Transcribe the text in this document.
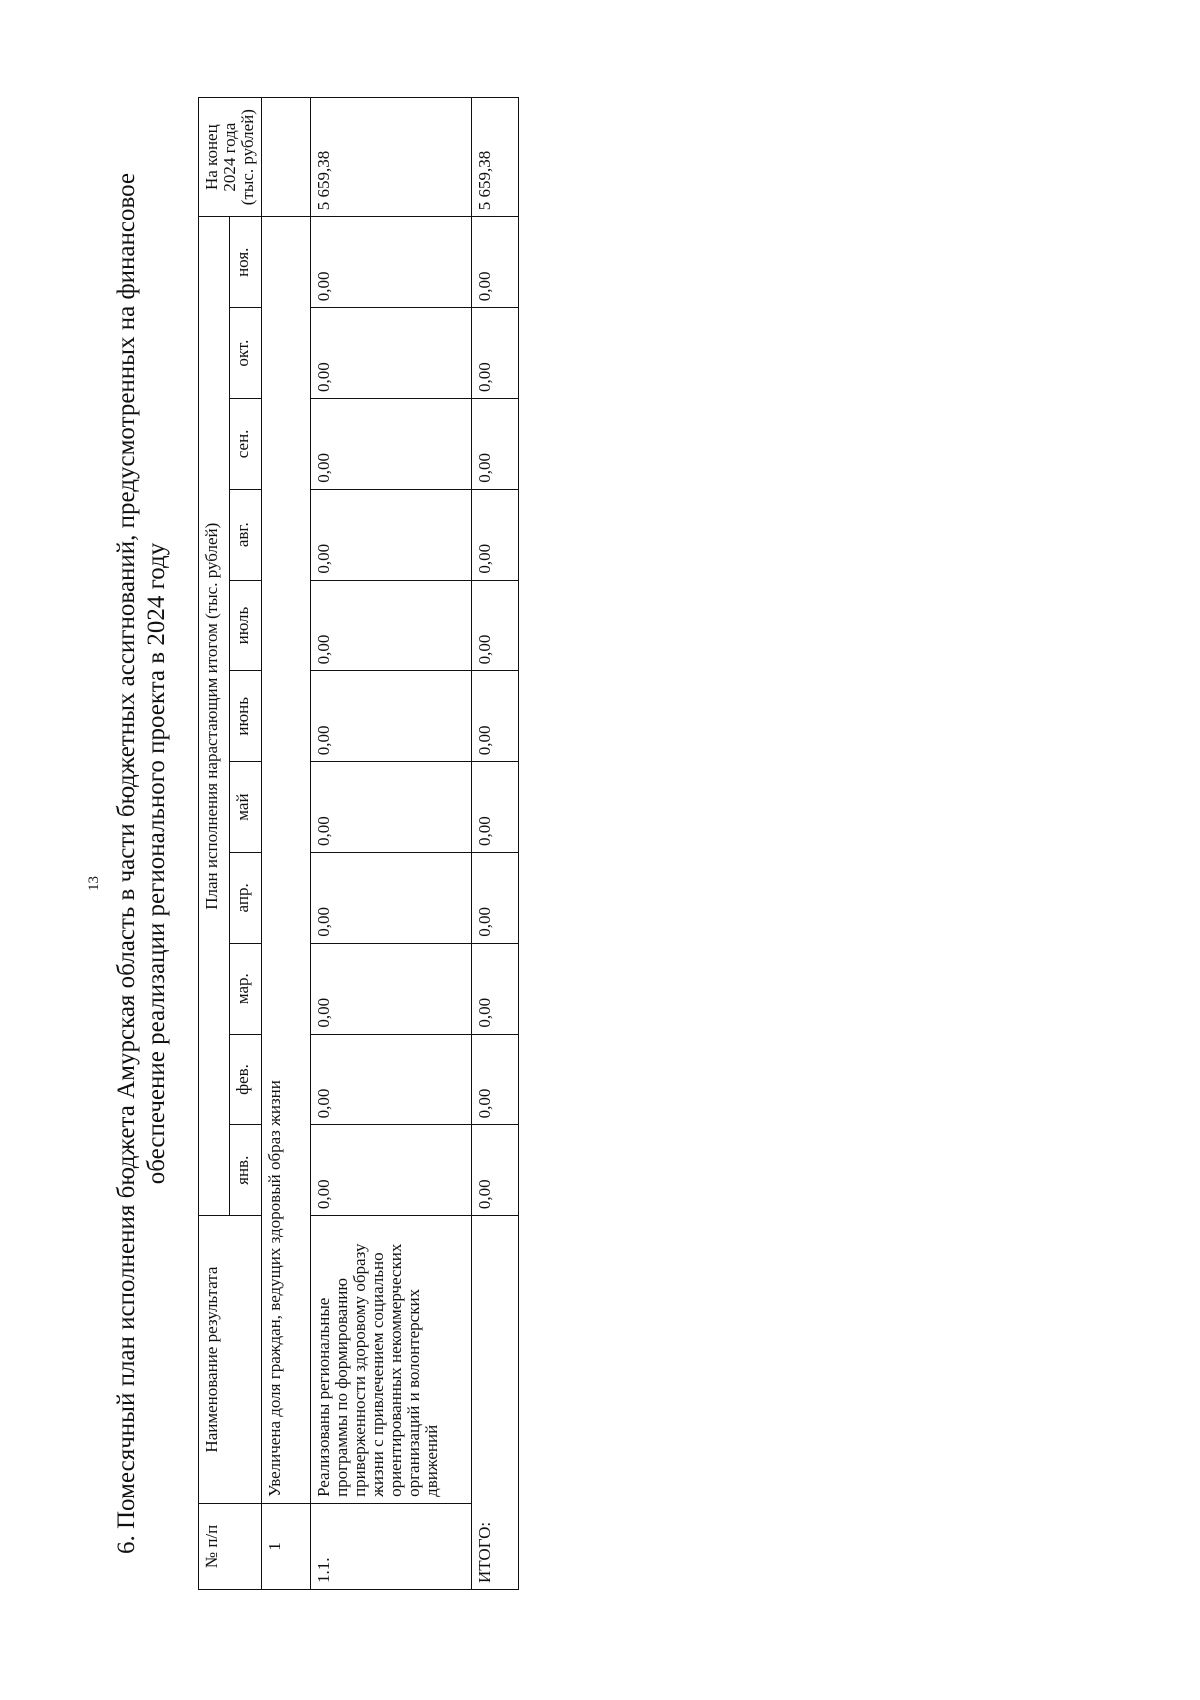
13 6. Помесячный план исполнения бюджета Амурская область в части бюджетных ассигнований, предусмотренных на финансовое обеспечение реализации регионального проекта в 2024 году
№ п/п	Наименование результата	План исполнения нарастающим итогом (тыс. рублей)											На конец 2024 года (тыс. рублей)

		янв.	фев.	мар.	апр.	май	июнь	июль	авг.	сен.	окт.	ноя.	
1	Увеличена доля граждан, ведущих здоровый образ жизни												
1.1.	Реализованы региональные программы по формированию приверженности здоровому образу жизни с привлечением социально ориентированных некоммерческих организаций и волонтерских движений	0,00	0,00	0,00	0,00	0,00	0,00	0,00	0,00	0,00	0,00	0,00	5 659,38
ИТОГО:		0,00	0,00	0,00	0,00	0,00	0,00	0,00	0,00	0,00	0,00	0,00	5 659,38
